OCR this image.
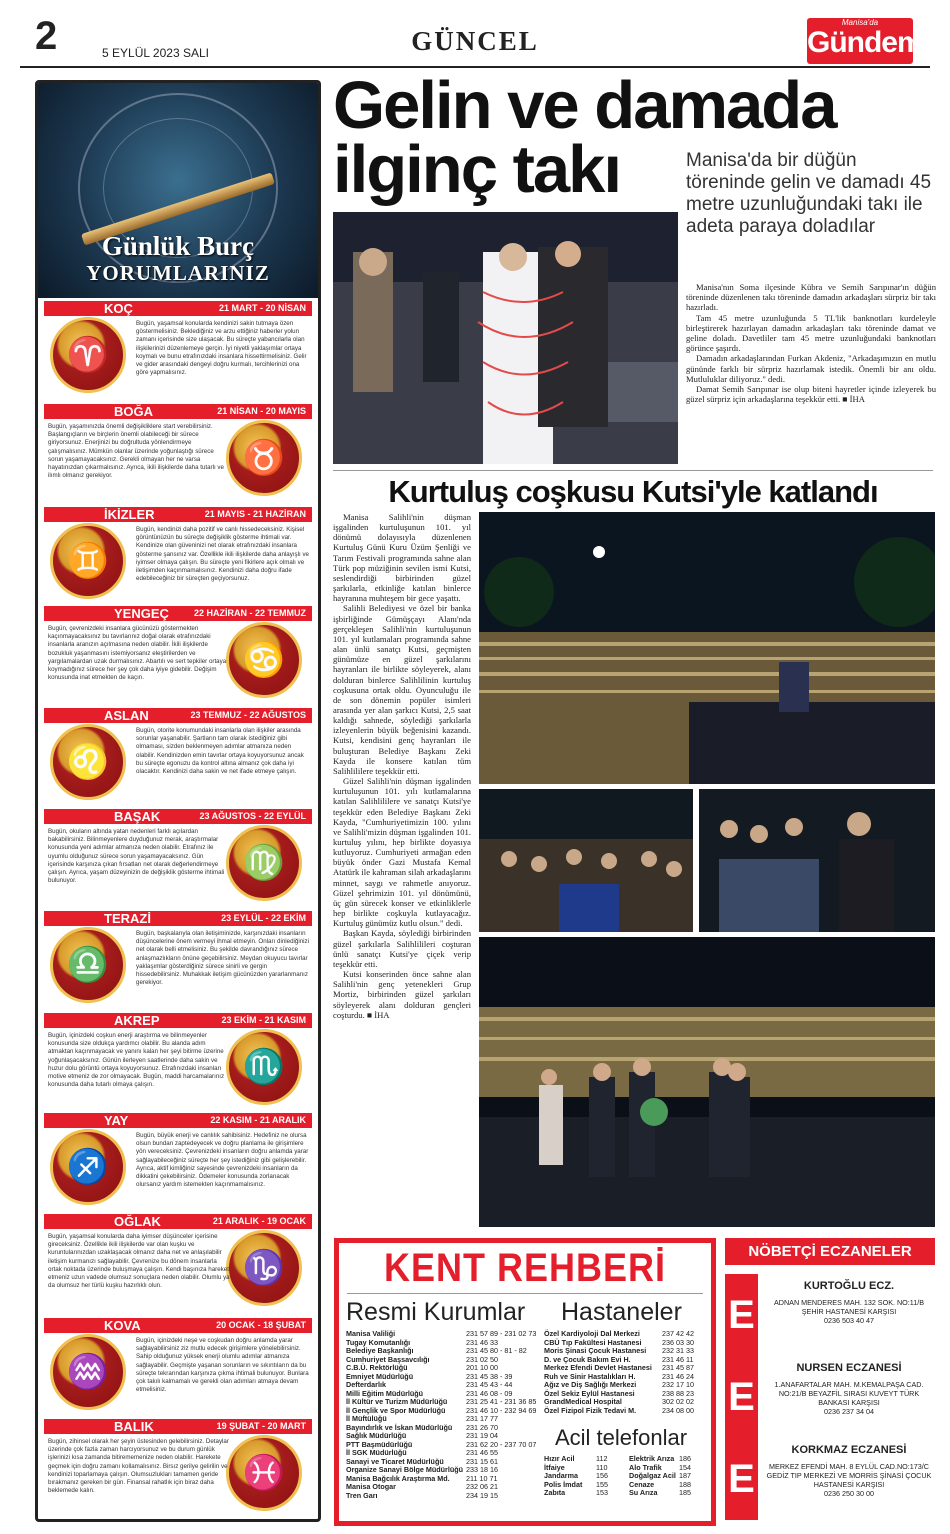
2	5 EYLÜL 2023 SALI	GÜNCEL
Manisa'da
Gündem
Günlük Burç
YORUMLARINIZ
KOÇ	21 MART - 20 NİSAN
♈
Bugün, yaşamsal konularda kendinizi sakin tutmaya özen göstermelisiniz. Beklediğiniz ve arzu ettiğiniz haberler yolun zamanı içerisinde size ulaşacak. Bu süreçte yabancılarla olan ilişkilerinizi düzenlemeye gerçin. İyi niyetli yaklaşımlar ortaya koymalı ve bunu etrafınızdaki insanlara hissettirmelisiniz. Gelir ve gider arasındaki dengeyi doğru kurmalı, tercihlerinizi ona göre yapmalısınız.
BOĞA	21 NİSAN - 20 MAYIS
♉
Bugün, yaşamınızda önemli değişikliklere start verebilirsiniz. Başlangıçların ve birçlerin önemli olabileceği bir sürece giriyorsunuz. Enerjinizi bu doğrultuda yönlendirmeye çalışmalısınız. Mümkün olanlar üzerinde yoğunlaştığı sürece sorun yaşamayacaksınız. Gerekli olmayan her ne varsa hayatınızdan çıkarmalısınız. Ayrıca, ikili ilişkilerde daha tutarlı ve ilımlı olmanız gerekiyor.
İKİZLER	21 MAYIS - 21 HAZİRAN
♊
Bugün, kendinizi daha pozitif ve canlı hissedeceksiniz. Kişisel görüntünüzün bu süreçte değişiklik gösterme ihtimali var. Kendinize olan güveninizi net olarak etrafınızdaki insanlara gösterme şansınız var. Özellikle ikili ilişkilerde daha anlayışlı ve iyimser olmaya çalışın. Bu süreçte yeni fikirlere açık olmalı ve iletişimden kaçınmamalısınız. Kendinizi daha doğru ifade edebileceğiniz bir süreçten geçiyorsunuz.
YENGEÇ	22 HAZİRAN - 22 TEMMUZ
♋
Bugün, çevrenizdeki insanlara gücünüzü göstermekten kaçınmayacaksınız bu tavırlarınız doğal olarak etrafınızdaki insanlarla aranızın açılmasına neden olabilir. İkili ilişkilerde bozukluk yaşanmasını istemiyorsanız eleştirilerden ve yargılamalardan uzak durmalısınız. Abartılı ve sert tepkiler ortaya koymadığınız sürece her şey çok daha iyiye gidebilir. Değişim konusunda inat etmekten de kaçın.
ASLAN	23 TEMMUZ - 22 AĞUSTOS
♌
Bugün, otorite konumundaki insanlarla olan ilişkiler arasında sorunlar yaşanabilir. Şartların tam olarak istediğiniz gibi olmaması, sizden beklenmeyen adımlar atmanıza neden olabilir. Kendinizden emin tavırlar ortaya koyuyorsunuz ancak bu süreçte egonuzu da kontrol altına almanız çok daha iyi olacaktır. Kendinizi daha sakin ve net ifade etmeye çalışın.
BAŞAK	23 AĞUSTOS - 22 EYLÜL
♍
Bugün, okuların altında yatan nedenleri farklı açılardan bakabilirsiniz. Bilinmeyenlere duyduğunuz merak, araştırmalar konusunda yeni adımlar atmanıza neden olabilir. Etrafınız ile uyumlu olduğunuz sürece sorun yaşamayacaksınız. Gün içerisinde karşınıza çıkan fırsatları net olarak değerlendirmeye çalışın. Ayrıca, yaşam düzeyinizin de değişiklik gösterme ihtimali bulunuyor.
TERAZİ	23 EYLÜL - 22 EKİM
♎
Bugün, başkalarıyla olan iletişiminizde, karşınızdaki insanların düşüncelerine önem vermeyi ihmal etmeyin. Onları dinlediğinizi net olarak belli etmelisiniz. Bu şekilde davrandığınız sürece anlaşmazlıkların önüne geçebilirsiniz. Meydan okuyucu tavırlar yaklaşımlar gösterdiğiniz sürece sinirli ve gergin hissedebilirsiniz. Muhakkak iletişim gücünüzden yararlanmanız gerekiyor.
AKREP	23 EKİM - 21 KASIM
♏
Bugün, içinizdeki coşkun enerji araştırma ve bilinmeyenler konusunda size oldukça yardımcı olabilir. Bu alanda adım atmaktan kaçınmayacak ve yanını kalan her şeyi bitirme üzerine yoğunlaşacaksınız. Günün ilerleyen saatlerinde daha sakin ve huzur dolu görüntü ortaya koyuyorsunuz. Etrafınızdaki insanları motive etmeniz de zor olmayacak. Bugün, maddi harcamalarınız konusunda daha tutarlı olmaya çalışın.
YAY	22 KASIM - 21 ARALIK
♐
Bugün, büyük enerji ve canlılık sahibisiniz. Hedefiniz ne olursa olsun bundan zaptedeyecek ve doğru planlama ile girişimlere yön vereceksiniz. Çevrenizdeki insanların doğru anlamda yarar sağlayabileceğiniz süreçte her şey istediğiniz gibi gelişlerebilir. Ayrıca, aktif kimliğiniz sayesinde çevrenizdeki insanların da dikkatini çekebilirsiniz. Ödemeler konusunda zorlanacak olursanız yardım istemekten kaçınmamalısınız.
OĞLAK	21 ARALIK - 19 OCAK
♑
Bugün, yaşamsal konularda daha iyimser düşünceler içerisine gireceksiniz. Özellikle ikili ilişkilerde var olan kuşku ve kuruntularınızdan uzaklaşacak olmanız daha net ve anlaşılabilir iletişim kurmanızı sağlayabilir. Çevrenize bu dönem insanlarla ortak noktada üzerinde buluşmaya çalışın. Kendi başınıza hareket etmeniz uzun vadede olumsuz sonuçlara neden olabilir. Olumlu ya da olumsuz her türlü kuşku hazırlıklı olun.
KOVA	20 OCAK - 18 ŞUBAT
♒
Bugün, içinizdeki neşe ve coşkudan doğru anlamda yarar sağlayabilirsiniz ziz mutlu edecek girişimlere yönelebilirsiniz. Sahip olduğunuz yüksek enerji olumlu adımlar atmanıza sağlayabilir. Geçmişte yaşanan sorunların ve sıkıntıların da bu süreçte tekrarından karşınıza çıkma ihtimali bulunuyor. Bunlara çok takılı kalmamalı ve gerekli olan adımları atmaya devam etmelisiniz.
BALIK	19 ŞUBAT - 20 MART
♓
Bugün, zihinsel olarak her şeyin üstesinden gelebilirsiniz. Detaylar üzerinde çok fazla zaman harcıyorsunuz ve bu durum günlük işlerinizi kısa zamanda bitirememenize neden olabilir. Harekete geçmek için doğru zamanı kollamalısınız. Birsız gerilye gelirilin ve kendinizi toparlamaya çalışın. Olumsuzlukları tamamen geride bırakmanız gereken bir gün. Finansal rahatlık için biraz daha beklemede kalın.
Gelin ve damada
ilginç takı	Manisa'da bir düğün töreninde gelin ve damadı 45 metre uzunluğundaki takı ile adeta paraya doladılar

Manisa'nın Soma ilçesinde Kübra ve Semih Sarıpınar'ın düğün töreninde düzenlenen takı töreninde damadın arkadaşları sürpriz bir takı hazırladı.

Tam 45 metre uzunluğunda 5 TL'lik banknotları kurdeleyle birleştirerek hazırlayan damadın arkadaşları takı töreninde damat ve geline doladı. Davetliler tam 45 metre uzunluğundaki banknotları görünce şaşırdı.

Damadın arkadaşlarından Furkan Akdeniz, "Arkadaşımızın en mutlu gününde farklı bir sürpriz hazırlamak istedik. Önemli bir anı oldu. Mutluluklar diliyoruz." dedi.

Damat Semih Sarıpınar ise olup biteni hayretler içinde izleyerek bu güzel sürpriz için arkadaşlarına teşekkür etti. ■ İHA

Kurtuluş coşkusu Kutsi'yle katlandı

Manisa Salihli'nin düşman işgalinden kurtuluşunun 101. yıl dönümü dolayısıyla düzenlenen Kurtuluş Günü Kuru Üzüm Şenliği ve Tarım Festivali programında sahne alan Türk pop müziğinin sevilen ismi Kutsi, seslendirdiği birbirinden güzel şarkılarla, etkinliğe katılan binlerce hayranına muhteşem bir gece yaşattı.

Salihli Belediyesi ve özel bir banka işbirliğinde Gümüşçayı Alanı'nda gerçekleşen Salihli'nin kurtuluşunun 101. yıl kutlamaları programında sahne alan ünlü sanatçı Kutsi, geçmişten günümüze en güzel şarkılarını hayranları ile birlikte söyleyerek, alanı dolduran binlerce Salihlilinin kurtuluş coşkusuna ortak oldu. Oyunculuğu ile de son dönemin popüler isimleri arasında yer alan şarkıcı Kutsi, 2,5 saat kaldığı sahnede, söylediği şarkılarla izleyenlerin büyük beğenisini kazandı. Kutsi, kendisini genç hayranları ile buluşturan Belediye Başkanı Zeki Kayda ile konsere katılan tüm Salihlililere teşekkür etti.

Güzel Salihli'nin düşman işgalinden kurtuluşunun 101. yılı kutlamalarına katılan Salihlililere ve sanatçı Kutsi'ye teşekkür eden Belediye Başkanı Zeki Kayda, "Cumhuriyetimizin 100. yılını ve Salihli'mizin düşman işgalinden 101. kurtuluş yılını, hep birlikte doyasıya kutluyoruz. Cumhuriyeti armağan eden büyük önder Gazi Mustafa Kemal Atatürk ile kahraman silah arkadaşlarını minnet, saygı ve rahmetle anıyoruz. Güzel şehrimizin 101. yıl dönümünü, üç gün sürecek konser ve etkinliklerle hep birlikte coşkuyla kutlayacağız. Kurtuluş günümüz kutlu olsun." dedi.

Başkan Kayda, söylediği birbirinden güzel şarkılarla Salihlilileri coşturan ünlü sanatçı Kutsi'ye çiçek verip teşekkür etti.

Kutsi konserinden önce sahne alan Salihli'nin genç yetenekleri Grup Mortiz, birbirinden güzel şarkıları söyleyerek alanı dolduran gençleri coşturdu. ■ İHA

KENT REHBERİ
Resmi Kurumlar Hastaneler
Manisa Valiliği	231 57 89 - 231 02 73
Tugay Komutanlığı	231 46 33
Belediye Başkanlığı	231 45 80 - 81 - 82
Cumhuriyet Başsavcılığı	231 02 50
C.B.Ü. Rektörlüğü	201 10 00
Emniyet Müdürlüğü	231 45 38 - 39
Defterdarlık	231 45 43 - 44
Milli Eğitim Müdürlüğü	231 46 08 - 09
İl Kültür ve Turizm Müdürlüğü	231 25 41 - 231 36 85
İl Gençlik ve Spor Müdürlüğü	231 46 10 - 232 94 69
İl Müftülüğü	231 17 77
Bayındırlık ve İskan Müdürlüğü	231 26 70
Sağlık Müdürlüğü	231 19 04
PTT Başmüdürlüğü	231 62 20 - 237 70 07
İl SGK Müdürlüğü	231 46 55
Sanayi ve Ticaret Müdürlüğü	231 15 61
Organize Sanayi Bölge Müdürlüğü 233 18 16
Manisa Bağcılık Araştırma Md.	211 10 71
Manisa Otogar	232 06 21
Tren Garı	234 19 15
Özel Kardiyoloji Dal Merkezi	237 42 42
CBÜ Tıp Fakültesi Hastanesi	236 03 30
Moris Şinasi Çocuk Hastanesi	232 31 33
D. ve Çocuk Bakım Evi H.	231 46 11
Merkez Efendi Devlet Hastanesi	231 45 87
Ruh ve Sinir Hastalıkları H.	231 46 24
Ağız ve Diş Sağlığı Merkezi	232 17 10
Özel Sekiz Eylül Hastanesi	238 88 23
GrandMedical Hospital	302 02 02
Özel Fizipol Fizik Tedavi M.	234 08 00
Acil telefonlar
Hızır Acil	112
İtfaiye	110
Jandarma	156
Polis İmdat	155
Zabıta	153
Elektrik Arıza 186
Alo Trafik	154
Doğalgaz Acil 187
Cenaze	188
Su Arıza	185
NÖBETÇİ ECZANELER
E
KURTOĞLU ECZ.
ADNAN MENDERES MAH. 132 SOK. NO:11/B ŞEHİR HASTANESİ KARŞISI
0236 503 40 47
E
NURSEN ECZANESİ
1.ANAFARTALAR MAH. M.KEMALPAŞA CAD. NO:21/B BEYAZFİL SIRASI KUVEYT TÜRK BANKASI KARŞISI
0236 237 34 04
E
KORKMAZ ECZANESİ
MERKEZ EFENDİ MAH. 8 EYLÜL CAD.NO:173/C GEDİZ TIP MERKEZİ VE MORRİS ŞİNASİ ÇOCUK HASTANESİ KARŞISI
0236 250 30 00
